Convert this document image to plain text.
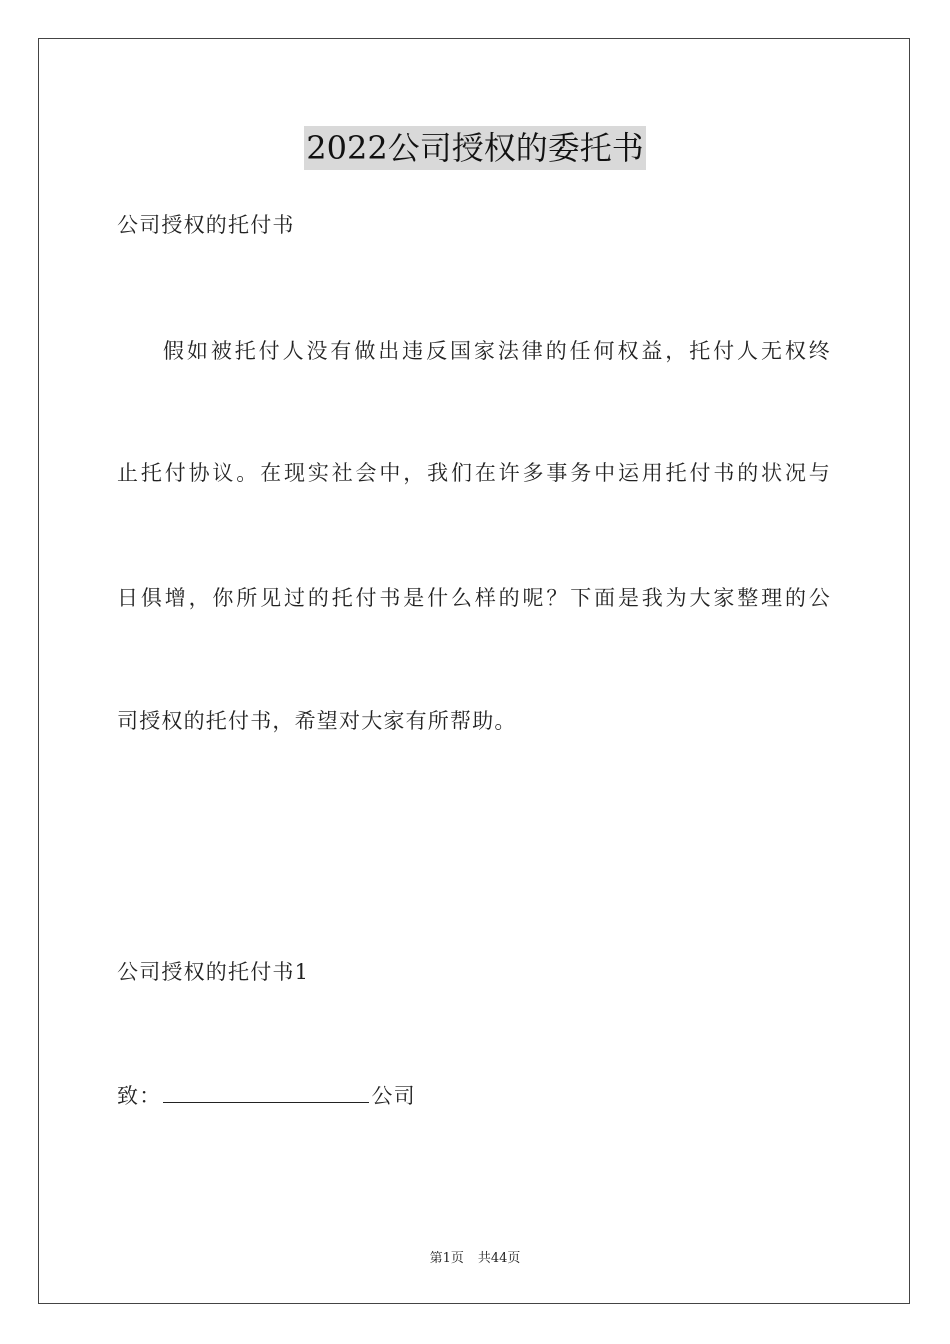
2022公司授权的委托书
公司授权的托付书
假如被托付人没有做出违反国家法律的任何权益，托付人无权终
止托付协议。在现实社会中，我们在许多事务中运用托付书的状况与
日俱增，你所见过的托付书是什么样的呢？下面是我为大家整理的公
司授权的托付书，希望对大家有所帮助。
公司授权的托付书1
致：	公司
第1页 共44页
